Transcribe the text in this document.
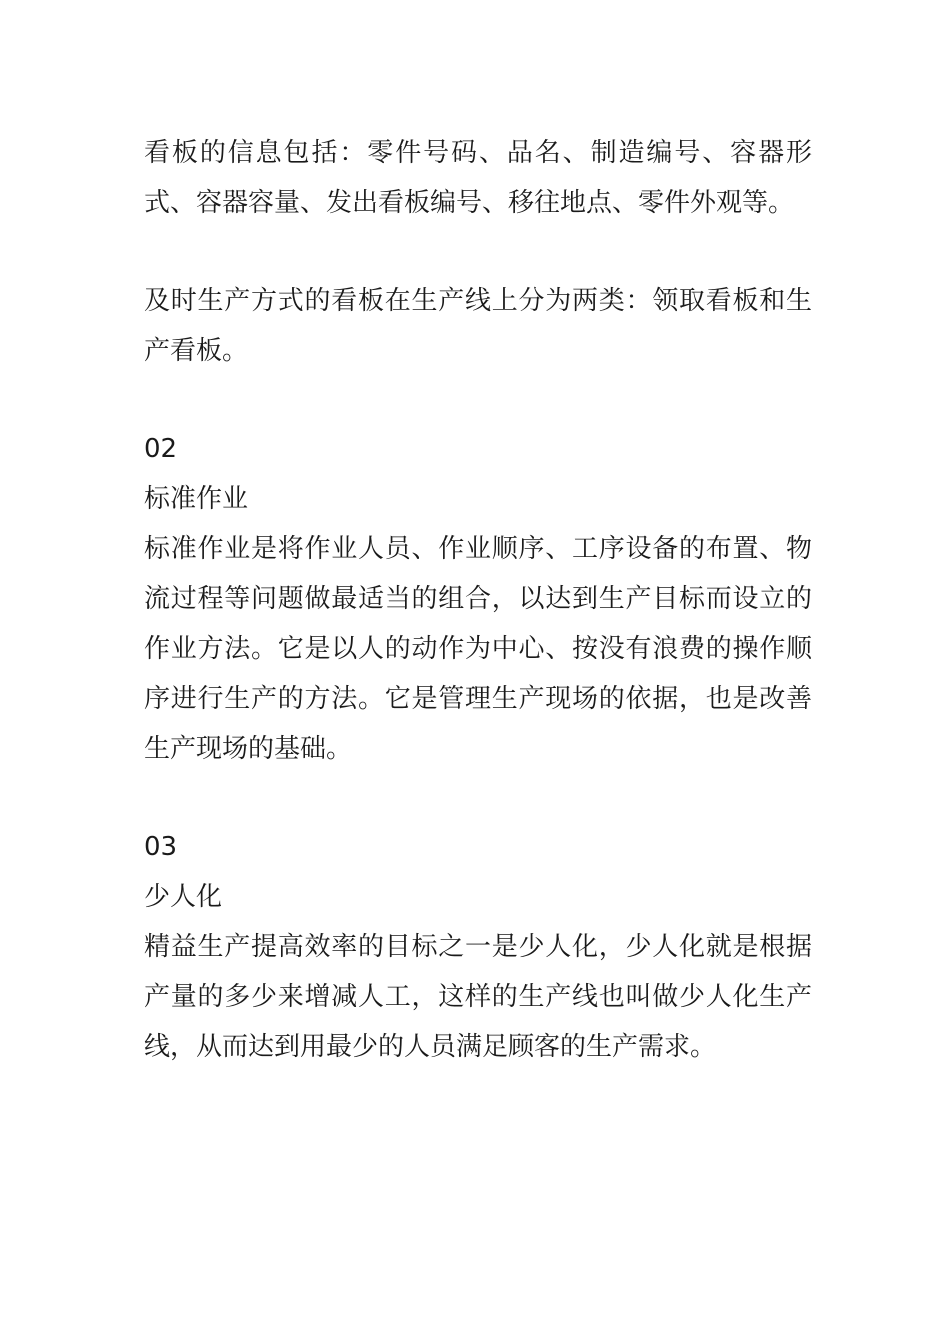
看板的信息包括：零件号码、品名、制造编号、容器形式、容器容量、发出看板编号、移往地点、零件外观等。

及时生产方式的看板在生产线上分为两类：领取看板和生产看板。

02

标准作业

标准作业是将作业人员、作业顺序、工序设备的布置、物流过程等问题做最适当的组合，以达到生产目标而设立的作业方法。它是以人的动作为中心、按没有浪费的操作顺序进行生产的方法。它是管理生产现场的依据，也是改善生产现场的基础。

03

少人化

精益生产提高效率的目标之一是少人化，少人化就是根据产量的多少来增减人工，这样的生产线也叫做少人化生产线，从而达到用最少的人员满足顾客的生产需求。
